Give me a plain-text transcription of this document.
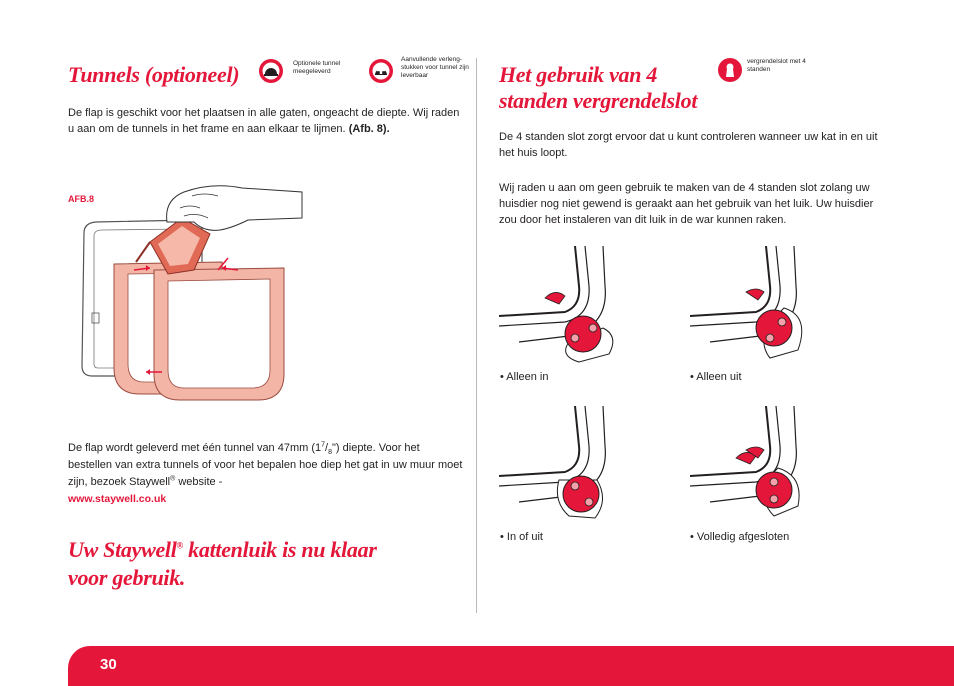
Tunnels (optioneel)	Optionele tunnel meegeleverd
Aanvullende verleng-stukken voor tunnel zijn leverbaar
De flap is geschikt voor het plaatsen in alle gaten, ongeacht de diepte. Wij raden u aan om de tunnels in het frame en aan elkaar te lijmen. (Afb. 8).
AFB.8
De flap wordt geleverd met één tunnel van 47mm $(1^7/_8")$ diepte. Voor het bestellen van extra tunnels of voor het bepalen hoe diep het gat in uw muur moet zijn, bezoek Staywell® website -
www.staywell.co.uk
Uw Staywell® kattenluik is nu klaar
voor gebruik.
Het gebruik van 4
standen vergrendelslot
vergrendelslot met 4 standen
De 4 standen slot zorgt ervoor dat u kunt controleren wanneer uw kat in en uit het huis loopt.
Wij raden u aan om geen gebruik te maken van de 4 standen slot zolang uw huisdier nog niet gewend is geraakt aan het gebruik van het luik. Uw huisdier zou door het instaleren van dit luik in de war kunnen raken.
• Alleen in	• Alleen uit
• In of uit	• Volledig afgesloten
30
